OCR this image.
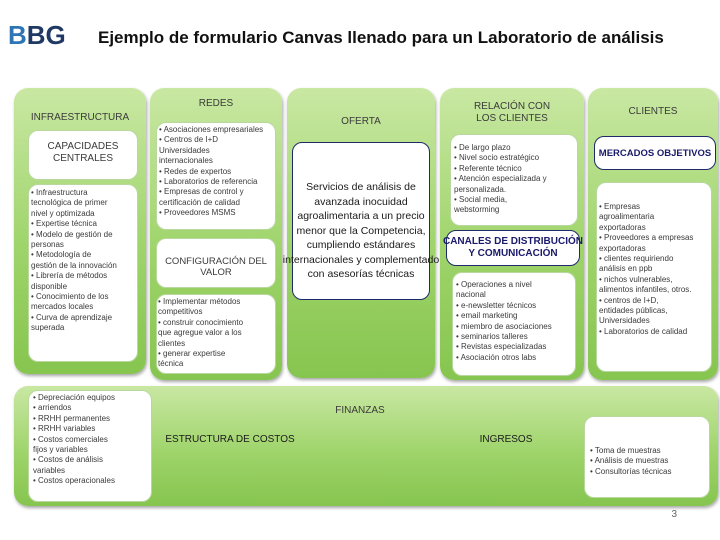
BBG Ejemplo de formulario Canvas llenado para un Laboratorio de análisis
INFRAESTRUCTURA
CAPACIDADES CENTRALES
• Infraestructura
tecnológica de primer
nivel y optimizada
• Expertise técnica
• Modelo de gestión de
personas
• Metodología de
gestión de la innovación
• Librería de métodos
disponible
• Conocimiento de los
mercados locales
• Curva de aprendizaje
superada
REDES
• Asociaciones empresariales
• Centros de I+D
Universidades
internacionales
• Redes de expertos
• Laboratorios de referencia
• Empresas de control y
certificación de calidad
• Proveedores MSMS
CONFIGURACIÓN DEL VALOR
• Implementar métodos
competitivos
• construir conocimiento
que agregue valor a los
clientes
• generar expertise
técnica
OFERTA
Servicios de análisis de avanzada inocuidad agroalimentaria a un precio menor que la Competencia, cumpliendo estándares internacionales y complementado con asesorías técnicas
RELACIÓN CON LOS CLIENTES
• De largo plazo
• Nivel socio estratégico
• Referente técnico
• Atención especializada y
personalizada.
• Social media,
webstorming
CANALES DE DISTRIBUCIÓN Y COMUNICACIÓN
• Operaciones a nivel
nacional
• e-newsletter técnicos
• email marketing
• miembro de asociaciones
• seminarios talleres
• Revistas especializadas
• Asociación otros labs
CLIENTES
MERCADOS OBJETIVOS
• Empresas
agroalimentaria
exportadoras
• Proveedores a empresas
exportadoras
• clientes requiriendo
análisis en ppb
• nichos vulnerables,
alimentos infantiles, otros.
• centros de I+D,
entidades públicas,
Universidades
• Laboratorios de calidad
FINANZAS
• Depreciación equipos
• arriendos
• RRHH permanentes
• RRHH variables
• Costos comerciales
fijos y variables
• Costos de análisis
variables
• Costos operacionales
ESTRUCTURA DE COSTOS	INGRESOS
• Toma de muestras
• Análisis de muestras
• Consultorías técnicas
3
